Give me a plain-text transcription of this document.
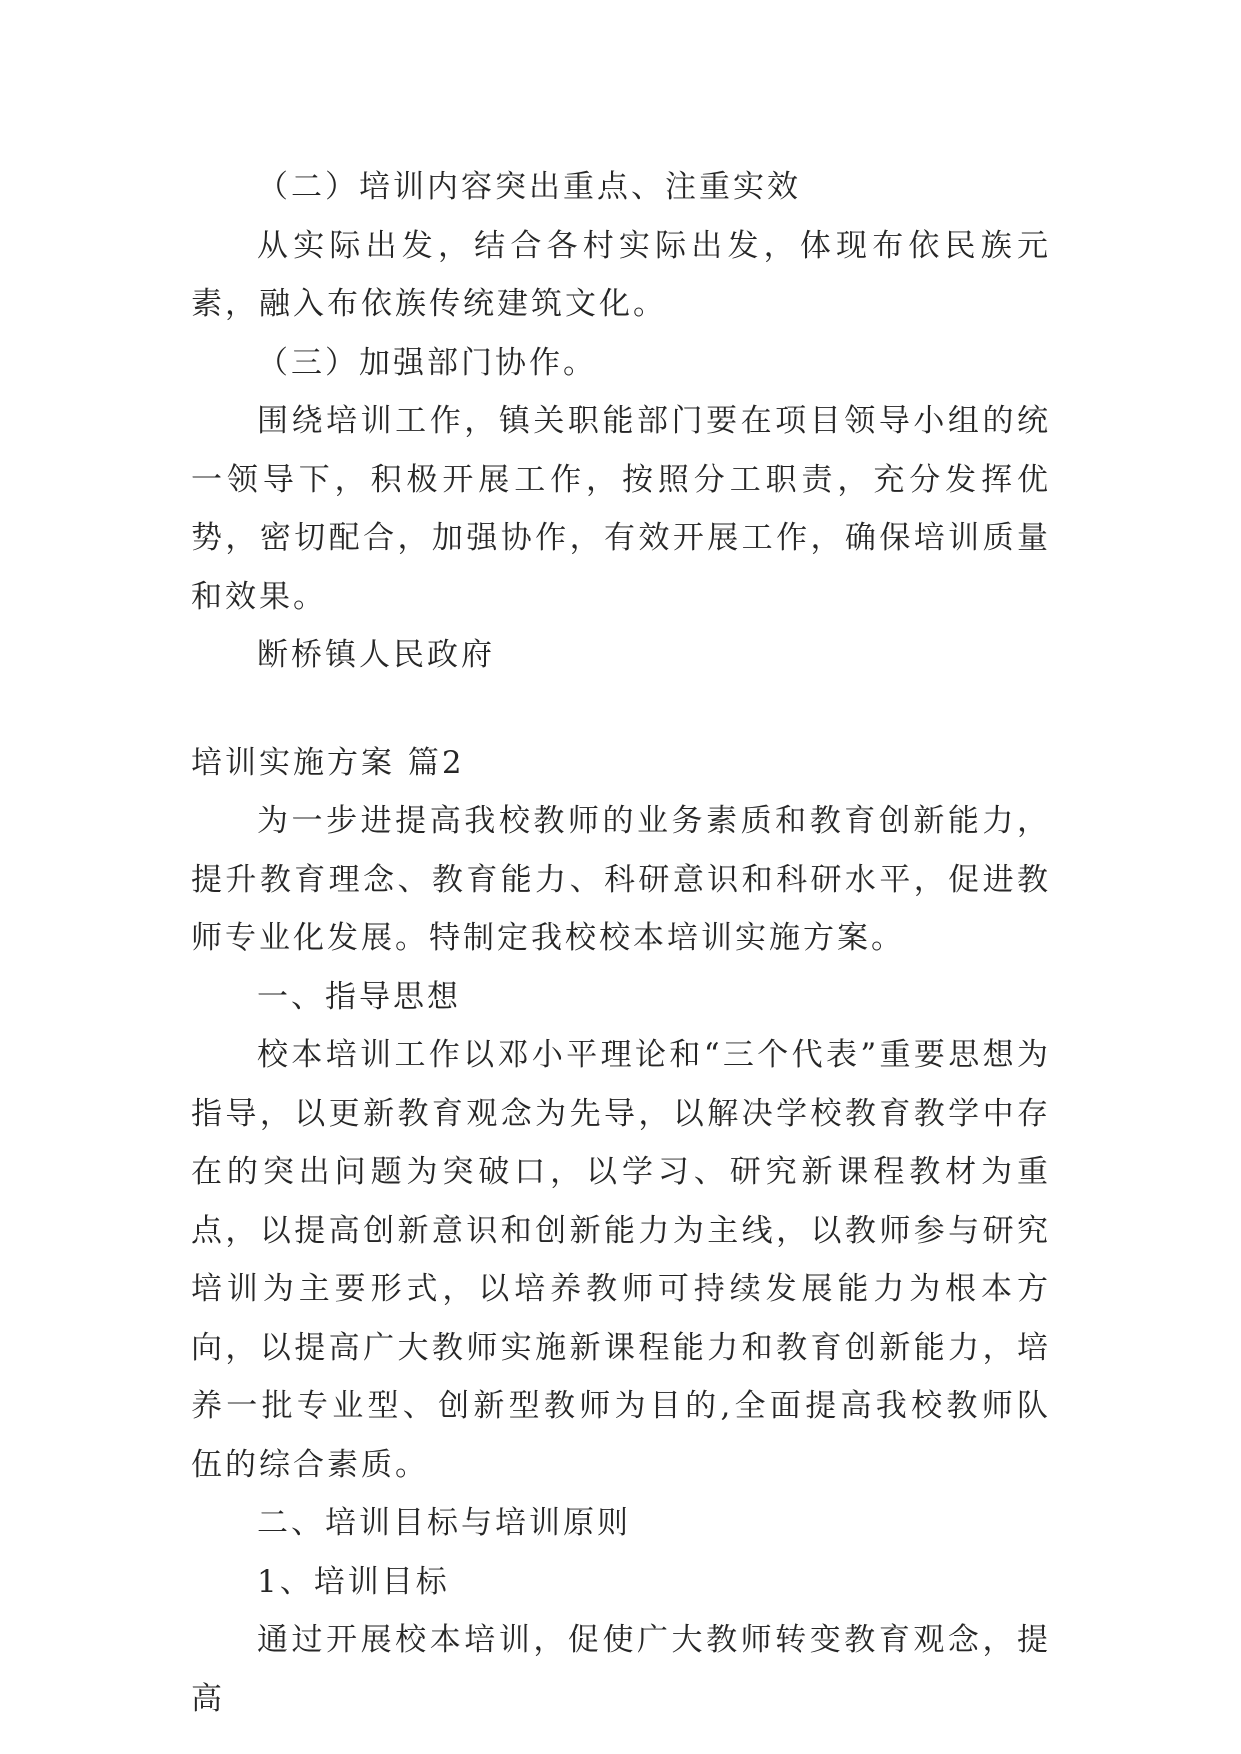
（二）培训内容突出重点、注重实效

从实际出发，结合各村实际出发，体现布依民族元素，融入布依族传统建筑文化。

（三）加强部门协作。

围绕培训工作，镇关职能部门要在项目领导小组的统一领导下，积极开展工作，按照分工职责，充分发挥优势，密切配合，加强协作，有效开展工作，确保培训质量和效果。

断桥镇人民政府

培训实施方案 篇2

为一步进提高我校教师的业务素质和教育创新能力，提升教育理念、教育能力、科研意识和科研水平，促进教师专业化发展。特制定我校校本培训实施方案。

一、指导思想

校本培训工作以邓小平理论和“三个代表”重要思想为指导，以更新教育观念为先导，以解决学校教育教学中存在的突出问题为突破口，以学习、研究新课程教材为重点，以提高创新意识和创新能力为主线，以教师参与研究培训为主要形式，以培养教师可持续发展能力为根本方向，以提高广大教师实施新课程能力和教育创新能力，培养一批专业型、创新型教师为目的,全面提高我校教师队伍的综合素质。

二、培训目标与培训原则

1、培训目标

通过开展校本培训，促使广大教师转变教育观念，提高
